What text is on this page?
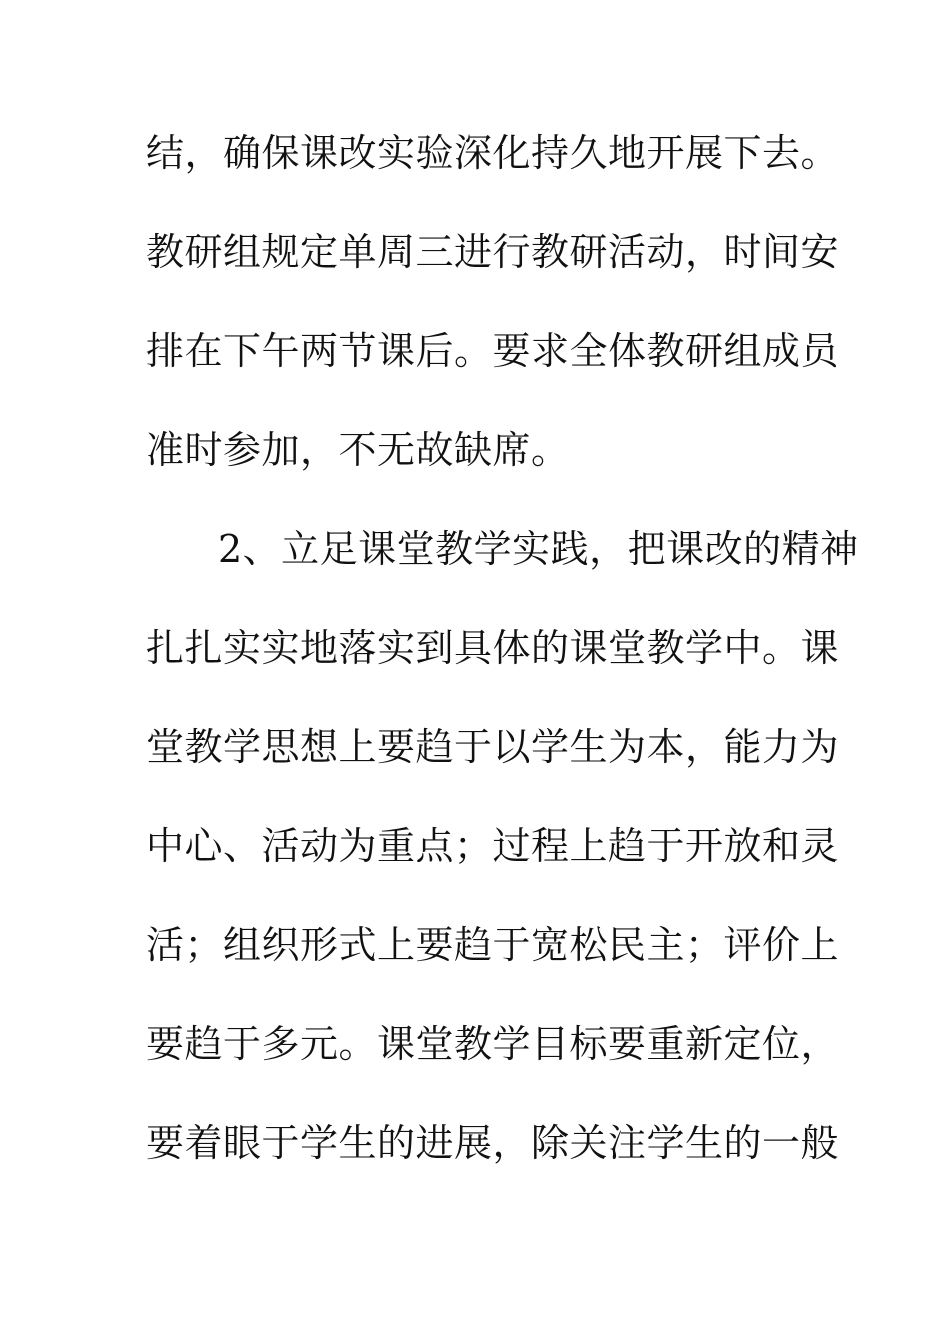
结，确保课改实验深化持久地开展下去。
教研组规定单周三进行教研活动，时间安
排在下午两节课后。要求全体教研组成员
准时参加，不无故缺席。
2、立足课堂教学实践，把课改的精神
扎扎实实地落实到具体的课堂教学中。课
堂教学思想上要趋于以学生为本，能力为
中心、活动为重点；过程上趋于开放和灵
活；组织形式上要趋于宽松民主；评价上
要趋于多元。课堂教学目标要重新定位，
要着眼于学生的进展，除关注学生的一般
